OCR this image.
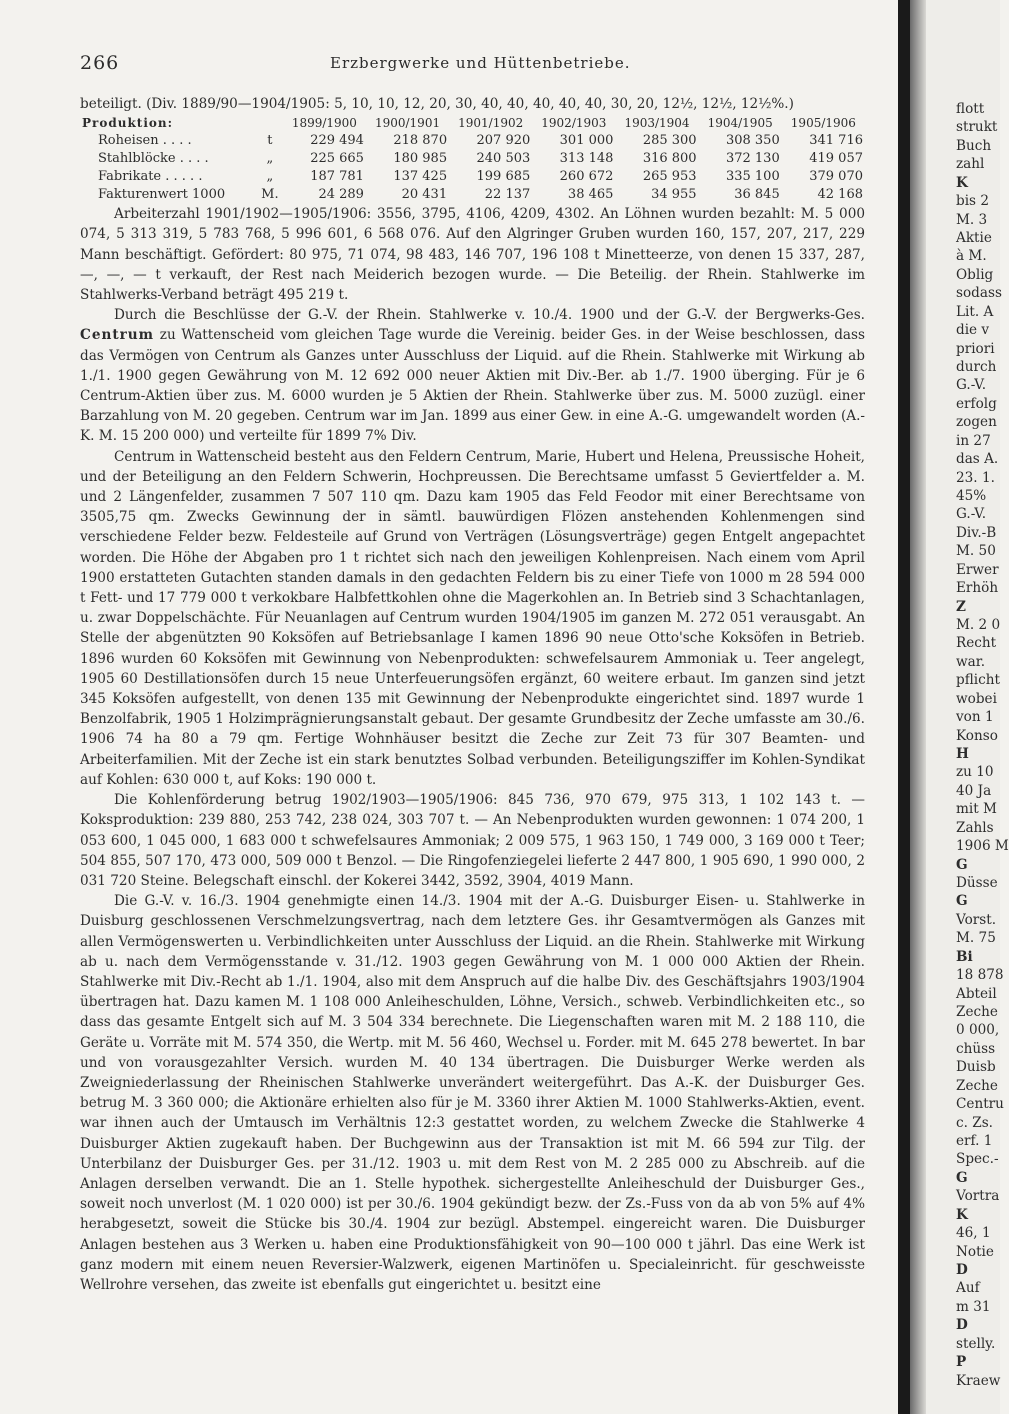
266	Erzbergwerke und Hüttenbetriebe.

beteiligt. (Div. 1889/90—1904/1905: 5, 10, 10, 12, 20, 30, 40, 40, 40, 40, 40, 30, 20, 12½, 12½, 12½%.)

Produktion:		1899/1900	1900/1901	1901/1902	1902/1903	1903/1904	1904/1905	1905/1906
Roheisen . . . .	t	229 494	218 870	207 920	301 000	285 300	308 350	341 716
Stahlblöcke . . . .	„	225 665	180 985	240 503	313 148	316 800	372 130	419 057
Fabrikate . . . . .	„	187 781	137 425	199 685	260 672	265 953	335 100	379 070
Fakturenwert 1000	M.	24 289	20 431	22 137	38 465	34 955	36 845	42 168

Arbeiterzahl 1901/1902—1905/1906: 3556, 3795, 4106, 4209, 4302. An Löhnen wurden bezahlt: M. 5 000 074, 5 313 319, 5 783 768, 5 996 601, 6 568 076. Auf den Algringer Gruben wurden 160, 157, 207, 217, 229 Mann beschäftigt. Gefördert: 80 975, 71 074, 98 483, 146 707, 196 108 t Minetteerze, von denen 15 337, 287, —, —, — t verkauft, der Rest nach Meiderich bezogen wurde. — Die Beteilig. der Rhein. Stahlwerke im Stahlwerks-Verband beträgt 495 219 t.

Durch die Beschlüsse der G.-V. der Rhein. Stahlwerke v. 10./4. 1900 und der G.-V. der Bergwerks-Ges. Centrum zu Wattenscheid vom gleichen Tage wurde die Vereinig. beider Ges. in der Weise beschlossen, dass das Vermögen von Centrum als Ganzes unter Ausschluss der Liquid. auf die Rhein. Stahlwerke mit Wirkung ab 1./1. 1900 gegen Gewährung von M. 12 692 000 neuer Aktien mit Div.-Ber. ab 1./7. 1900 überging. Für je 6 Centrum-Aktien über zus. M. 6000 wurden je 5 Aktien der Rhein. Stahlwerke über zus. M. 5000 zuzügl. einer Barzahlung von M. 20 gegeben. Centrum war im Jan. 1899 aus einer Gew. in eine A.-G. umgewandelt worden (A.-K. M. 15 200 000) und verteilte für 1899 7% Div.

Centrum in Wattenscheid besteht aus den Feldern Centrum, Marie, Hubert und Helena, Preussische Hoheit, und der Beteiligung an den Feldern Schwerin, Hochpreussen. Die Berechtsame umfasst 5 Geviertfelder a. M. und 2 Längenfelder, zusammen 7 507 110 qm. Dazu kam 1905 das Feld Feodor mit einer Berechtsame von 3505,75 qm. Zwecks Gewinnung der in sämtl. bauwürdigen Flözen anstehenden Kohlenmengen sind verschiedene Felder bezw. Feldesteile auf Grund von Verträgen (Lösungsverträge) gegen Entgelt angepachtet worden. Die Höhe der Abgaben pro 1 t richtet sich nach den jeweiligen Kohlenpreisen. Nach einem vom April 1900 erstatteten Gutachten standen damals in den gedachten Feldern bis zu einer Tiefe von 1000 m 28 594 000 t Fett- und 17 779 000 t verkokbare Halbfettkohlen ohne die Magerkohlen an. In Betrieb sind 3 Schachtanlagen, u. zwar Doppelschächte. Für Neuanlagen auf Centrum wurden 1904/1905 im ganzen M. 272 051 verausgabt. An Stelle der abgenützten 90 Koksöfen auf Betriebsanlage I kamen 1896 90 neue Otto'sche Koksöfen in Betrieb. 1896 wurden 60 Koksöfen mit Gewinnung von Nebenprodukten: schwefelsaurem Ammoniak u. Teer angelegt, 1905 60 Destillationsöfen durch 15 neue Unterfeuerungsöfen ergänzt, 60 weitere erbaut. Im ganzen sind jetzt 345 Koksöfen aufgestellt, von denen 135 mit Gewinnung der Nebenprodukte eingerichtet sind. 1897 wurde 1 Benzolfabrik, 1905 1 Holzimprägnierungsanstalt gebaut. Der gesamte Grundbesitz der Zeche umfasste am 30./6. 1906 74 ha 80 a 79 qm. Fertige Wohnhäuser besitzt die Zeche zur Zeit 73 für 307 Beamten- und Arbeiterfamilien. Mit der Zeche ist ein stark benutztes Solbad verbunden. Beteiligungsziffer im Kohlen-Syndikat auf Kohlen: 630 000 t, auf Koks: 190 000 t.

Die Kohlenförderung betrug 1902/1903—1905/1906: 845 736, 970 679, 975 313, 1 102 143 t. — Koksproduktion: 239 880, 253 742, 238 024, 303 707 t. — An Nebenprodukten wurden gewonnen: 1 074 200, 1 053 600, 1 045 000, 1 683 000 t schwefelsaures Ammoniak; 2 009 575, 1 963 150, 1 749 000, 3 169 000 t Teer; 504 855, 507 170, 473 000, 509 000 t Benzol. — Die Ringofenziegelei lieferte 2 447 800, 1 905 690, 1 990 000, 2 031 720 Steine. Belegschaft einschl. der Kokerei 3442, 3592, 3904, 4019 Mann.

Die G.-V. v. 16./3. 1904 genehmigte einen 14./3. 1904 mit der A.-G. Duisburger Eisen- u. Stahlwerke in Duisburg geschlossenen Verschmelzungsvertrag, nach dem letztere Ges. ihr Gesamtvermögen als Ganzes mit allen Vermögenswerten u. Verbindlichkeiten unter Ausschluss der Liquid. an die Rhein. Stahlwerke mit Wirkung ab u. nach dem Vermögensstande v. 31./12. 1903 gegen Gewährung von M. 1 000 000 Aktien der Rhein. Stahlwerke mit Div.-Recht ab 1./1. 1904, also mit dem Anspruch auf die halbe Div. des Geschäftsjahrs 1903/1904 übertragen hat. Dazu kamen M. 1 108 000 Anleiheschulden, Löhne, Versich., schweb. Verbindlichkeiten etc., so dass das gesamte Entgelt sich auf M. 3 504 334 berechnete. Die Liegenschaften waren mit M. 2 188 110, die Geräte u. Vorräte mit M. 574 350, die Wertp. mit M. 56 460, Wechsel u. Forder. mit M. 645 278 bewertet. In bar und von vorausgezahlter Versich. wurden M. 40 134 übertragen. Die Duisburger Werke werden als Zweigniederlassung der Rheinischen Stahlwerke unverändert weitergeführt. Das A.-K. der Duisburger Ges. betrug M. 3 360 000; die Aktionäre erhielten also für je M. 3360 ihrer Aktien M. 1000 Stahlwerks-Aktien, event. war ihnen auch der Umtausch im Verhältnis 12:3 gestattet worden, zu welchem Zwecke die Stahlwerke 4 Duisburger Aktien zugekauft haben. Der Buchgewinn aus der Transaktion ist mit M. 66 594 zur Tilg. der Unterbilanz der Duisburger Ges. per 31./12. 1903 u. mit dem Rest von M. 2 285 000 zu Abschreib. auf die Anlagen derselben verwandt. Die an 1. Stelle hypothek. sichergestellte Anleiheschuld der Duisburger Ges., soweit noch unverlost (M. 1 020 000) ist per 30./6. 1904 gekündigt bezw. der Zs.-Fuss von da ab von 5% auf 4% herabgesetzt, soweit die Stücke bis 30./4. 1904 zur bezügl. Abstempel. eingereicht waren. Die Duisburger Anlagen bestehen aus 3 Werken u. haben eine Produktionsfähigkeit von 90—100 000 t jährl. Das eine Werk ist ganz modern mit einem neuen Reversier-Walzwerk, eigenen Martinöfen u. Specialeinricht. für geschweisste Wellrohre versehen, das zweite ist ebenfalls gut eingerichtet u. besitzt eine

flott
strukt
Buch
zahl
K
bis 2
M. 3
Aktie
à M.
Oblig
sodass
Lit. A
die v
priori
durch
G.-V.
erfolg
zogen
in 27
das A.
23. 1.
45%
G.-V.
Div.-B
M. 50
Erwer
Erhöh
Z
M. 2 0
Recht
war.
pflicht
wobei
von 1
Konso
H
zu 10
40 Ja
mit M
Zahls
1906 M
G
Düsse
G
Vorst.
M. 75
Bi
18 878
Abteil
Zeche
0 000,
chüss
Duisb
Zeche
Centru
c. Zs.
erf. 1
Spec.-
G
Vortra
K
46, 1
Notie
D
Auf
m 31
D
stelly.
P
Kraew
